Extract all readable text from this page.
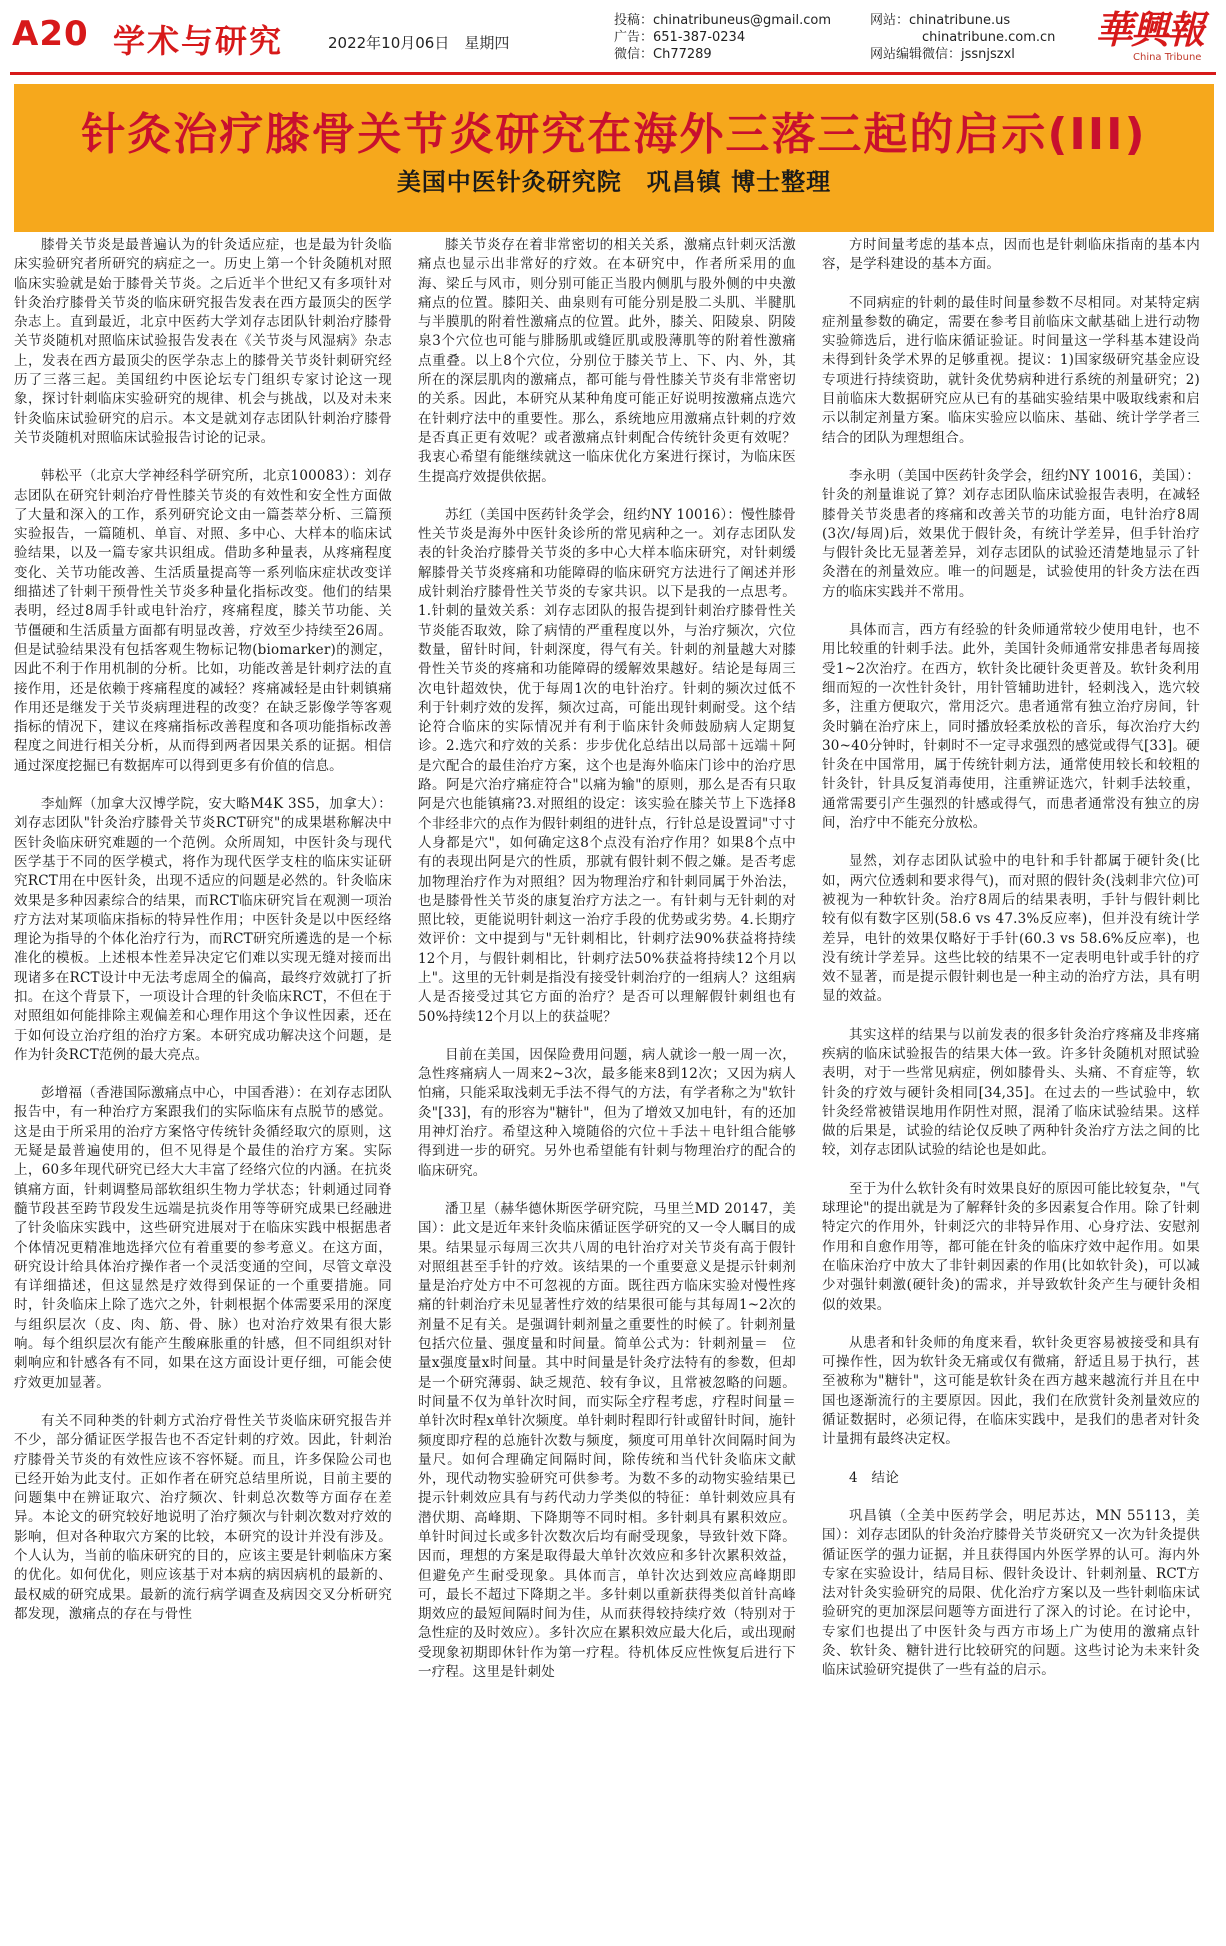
A20 学术与研究	2022年10月06日　星期四
投稿：chinatribuneus@gmail.com
广告：651-387-0234
微信：Ch77289
网站：chinatribune.us
chinatribune.com.cn
网站编辑微信：jssnjszxl
華興報
China Tribune
针灸治疗膝骨关节炎研究在海外三落三起的启示(III)
美国中医针灸研究院　巩昌镇 博士整理

膝骨关节炎是最普遍认为的针灸适应症，也是最为针灸临床实验研究者所研究的病症之一。历史上第一个针灸随机对照临床实验就是始于膝骨关节炎。之后近半个世纪又有多项针对针灸治疗膝骨关节炎的临床研究报告发表在西方最顶尖的医学杂志上。直到最近，北京中医药大学刘存志团队针刺治疗膝骨关节炎随机对照临床试验报告发表在《关节炎与风湿病》杂志上，发表在西方最顶尖的医学杂志上的膝骨关节炎针刺研究经历了三落三起。美国纽约中医论坛专门组织专家讨论这一现象，探讨针刺临床实验研究的规律、机会与挑战，以及对未来针灸临床试验研究的启示。本文是就刘存志团队针刺治疗膝骨关节炎随机对照临床试验报告讨论的记录。

韩松平（北京大学神经科学研究所，北京100083）：刘存志团队在研究针刺治疗骨性膝关节炎的有效性和安全性方面做了大量和深入的工作，系列研究论文由一篇荟萃分析、三篇预实验报告，一篇随机、单盲、对照、多中心、大样本的临床试验结果，以及一篇专家共识组成。借助多种量表，从疼痛程度变化、关节功能改善、生活质量提高等一系列临床症状改变详细描述了针刺干预骨性关节炎多种量化指标改变。他们的结果表明，经过8周手针或电针治疗，疼痛程度，膝关节功能、关节僵硬和生活质量方面都有明显改善，疗效至少持续至26周。但是试验结果没有包括客观生物标记物(biomarker)的测定，因此不利于作用机制的分析。比如，功能改善是针刺疗法的直接作用，还是依赖于疼痛程度的减轻？疼痛减轻是由针刺镇痛作用还是继发于关节炎病理进程的改变？在缺乏影像学等客观指标的情况下，建议在疼痛指标改善程度和各项功能指标改善程度之间进行相关分析，从而得到两者因果关系的证据。相信通过深度挖掘已有数据库可以得到更多有价值的信息。

李灿辉（加拿大汉博学院，安大略M4K 3S5，加拿大）：刘存志团队"针灸治疗膝骨关节炎RCT研究"的成果堪称解决中医针灸临床研究难题的一个范例。众所周知，中医针灸与现代医学基于不同的医学模式，将作为现代医学支柱的临床实证研究RCT用在中医针灸，出现不适应的问题是必然的。针灸临床效果是多种因素综合的结果，而RCT临床研究旨在观测一项治疗方法对某项临床指标的特异性作用；中医针灸是以中医经络理论为指导的个体化治疗行为，而RCT研究所遴选的是一个标准化的模板。上述根本性差异决定它们难以实现无缝对接而出现诸多在RCT设计中无法考虑周全的偏高，最终疗效就打了折扣。在这个背景下，一项设计合理的针灸临床RCT，不但在于对照组如何能排除主观偏差和心理作用这个争议性因素，还在于如何设立治疗组的治疗方案。本研究成功解决这个问题，是作为针灸RCT范例的最大亮点。

彭增福（香港国际激痛点中心，中国香港）：在刘存志团队报告中，有一种治疗方案跟我们的实际临床有点脱节的感觉。这是由于所采用的治疗方案恪守传统针灸循经取穴的原则，这无疑是最普遍使用的，但不见得是个最佳的治疗方案。实际上，60多年现代研究已经大大丰富了经络穴位的内涵。在抗炎镇痛方面，针刺调整局部软组织生物力学状态；针刺通过同脊髓节段甚至跨节段发生远端是抗炎作用等等研究成果已经融进了针灸临床实践中，这些研究进展对于在临床实践中根据患者个体情况更精准地选择穴位有着重要的参考意义。在这方面，研究设计给具体治疗操作者一个灵活变通的空间，尽管文章没有详细描述，但这显然是疗效得到保证的一个重要措施。同时，针灸临床上除了选穴之外，针刺根据个体需要采用的深度与组织层次（皮、肉、筋、骨、脉）也对治疗效果有很大影响。每个组织层次有能产生酸麻胀重的针感，但不同组织对针刺响应和针感各有不同，如果在这方面设计更仔细，可能会使疗效更加显著。

有关不同种类的针刺方式治疗骨性关节炎临床研究报告并不少，部分循证医学报告也不否定针刺的疗效。因此，针刺治疗膝骨关节炎的有效性应该不容怀疑。而且，许多保险公司也已经开始为此支付。正如作者在研究总结里所说，目前主要的问题集中在辨证取穴、治疗频次、针刺总次数等方面存在差异。本论文的研究较好地说明了治疗频次与针刺次数对疗效的影响，但对各种取穴方案的比较，本研究的设计并没有涉及。个人认为，当前的临床研究的目的，应该主要是针刺临床方案的优化。如何优化，则应该基于对本病的病因病机的最新的、最权威的研究成果。最新的流行病学调查及病因交叉分析研究都发现，激痛点的存在与骨性

膝关节炎存在着非常密切的相关关系，激痛点针刺灭活激痛点也显示出非常好的疗效。在本研究中，作者所采用的血海、梁丘与风市，则分别可能正当股内侧肌与股外侧的中央激痛点的位置。膝阳关、曲泉则有可能分别是股二头肌、半腱肌与半膜肌的附着性激痛点的位置。此外，膝关、阳陵泉、阴陵泉3个穴位也可能与腓肠肌或缝匠肌或股薄肌等的附着性激痛点重叠。以上8个穴位，分别位于膝关节上、下、内、外，其所在的深层肌肉的激痛点，都可能与骨性膝关节炎有非常密切的关系。因此，本研究从某种角度可能正好说明按激痛点选穴在针刺疗法中的重要性。那么，系统地应用激痛点针刺的疗效是否真正更有效呢？或者激痛点针刺配合传统针灸更有效呢？我衷心希望有能继续就这一临床优化方案进行探讨，为临床医生提高疗效提供依据。

苏红（美国中医药针灸学会，纽约NY 10016）：慢性膝骨性关节炎是海外中医针灸诊所的常见病种之一。刘存志团队发表的针灸治疗膝骨关节炎的多中心大样本临床研究，对针刺缓解膝骨关节炎疼痛和功能障碍的临床研究方法进行了阐述并形成针刺治疗膝骨性关节炎的专家共识。以下是我的一点思考。1.针刺的量效关系：刘存志团队的报告提到针刺治疗膝骨性关节炎能否取效，除了病情的严重程度以外，与治疗频次，穴位数量，留针时间，针刺深度，得气有关。针刺的剂量越大对膝骨性关节炎的疼痛和功能障碍的缓解效果越好。结论是每周三次电针超效快，优于每周1次的电针治疗。针刺的频次过低不利于针刺疗效的发挥，频次过高，可能出现针刺耐受。这个结论符合临床的实际情况并有利于临床针灸师鼓励病人定期复诊。2.选穴和疗效的关系：步步优化总结出以局部＋远端＋阿是穴配合的最佳治疗方案，这个也是海外临床门诊中的治疗思路。阿是穴治疗痛症符合"以痛为输"的原则，那么是否有只取阿是穴也能镇痛?3.对照组的设定：该实验在膝关节上下选择8个非经非穴的点作为假针刺组的进针点，行针总是设置词"寸寸人身都是穴"，如何确定这8个点没有治疗作用？如果8个点中有的表现出阿是穴的性质，那就有假针刺不假之嫌。是否考虑加物理治疗作为对照组？因为物理治疗和针刺同属于外治法，也是膝骨性关节炎的康复治疗方法之一。有针刺与无针刺的对照比较，更能说明针刺这一治疗手段的优势或劣势。4.长期疗效评价：文中提到与"无针刺相比，针刺疗法90%获益将持续12个月，与假针刺相比，针刺疗法50%获益将持续12个月以上"。这里的无针刺是指没有接受针刺治疗的一组病人？这组病人是否接受过其它方面的治疗？是否可以理解假针刺组也有50%持续12个月以上的获益呢？

目前在美国，因保险费用问题，病人就诊一般一周一次，急性疼痛病人一周来2~3次，最多能来8到12次；又因为病人怕痛，只能采取浅刺无手法不得气的方法，有学者称之为"软针灸"[33]，有的形容为"糖针"，但为了增效又加电针，有的还加用神灯治疗。希望这种入境随俗的穴位＋手法＋电针组合能够得到进一步的研究。另外也希望能有针刺与物理治疗的配合的临床研究。

潘卫星（赫华德休斯医学研究院，马里兰MD 20147，美国）：此文是近年来针灸临床循证医学研究的又一令人瞩目的成果。结果显示每周三次共八周的电针治疗对关节炎有高于假针对照组甚至手针的疗效。该结果的一个重要意义是提示针刺剂量是治疗处方中不可忽视的方面。既往西方临床实验对慢性疼痛的针刺治疗未见显著性疗效的结果很可能与其每周1~2次的剂量不足有关。是强调针刺剂量之重要性的时候了。针刺剂量包括穴位量、强度量和时间量。简单公式为：针刺剂量＝　位量x强度量x时间量。其中时间量是针灸疗法特有的参数，但却是一个研究薄弱、缺乏规范、较有争议，且常被忽略的问题。时间量不仅为单针次时间，而实际全疗程考虑，疗程时间量＝　单针次时程x单针次频度。单针刺时程即行针或留针时间，施针频度即疗程的总施针次数与频度，频度可用单针次间隔时间为量尺。如何合理确定间隔时间，除传统和当代针灸临床文献外，现代动物实验研究可供参考。为数不多的动物实验结果已提示针刺效应具有与药代动力学类似的特征：单针刺效应具有潜伏期、高峰期、下降期等不同时相。多针刺具有累积效应。单针时间过长或多针次数次后均有耐受现象，导致针效下降。因而，理想的方案是取得最大单针次效应和多针次累积效益，但避免产生耐受现象。具体而言，单针次达到效应高峰期即可，最长不超过下降期之半。多针刺以重新获得类似首针高峰期效应的最短间隔时间为佳，从而获得较持续疗效（特别对于急性症的及时效应）。多针次应在累积效应最大化后，或出现耐受现象初期即休针作为第一疗程。待机体反应性恢复后进行下一疗程。这里是针刺处

方时间量考虑的基本点，因而也是针刺临床指南的基本内容，是学科建设的基本方面。

不同病症的针刺的最佳时间量参数不尽相同。对某特定病症剂量参数的确定，需要在参考目前临床文献基础上进行动物实验筛选后，进行临床循证验证。时间量这一学科基本建设尚未得到针灸学术界的足够重视。提议：1)国家级研究基金应设专项进行持续资助，就针灸优势病种进行系统的剂量研究；2)目前临床大数据研究应从已有的基础实验结果中吸取线索和启示以制定剂量方案。临床实验应以临床、基础、统计学学者三结合的团队为理想组合。

李永明（美国中医药针灸学会，纽约NY 10016，美国）：针灸的剂量谁说了算？刘存志团队临床试验报告表明，在减轻膝骨关节炎患者的疼痛和改善关节的功能方面，电针治疗8周(3次/每周)后，效果优于假针灸，有统计学差异，但手针治疗与假针灸比无显著差异，刘存志团队的试验还清楚地显示了针灸潜在的剂量效应。唯一的问题是，试验使用的针灸方法在西方的临床实践并不常用。

具体而言，西方有经验的针灸师通常较少使用电针，也不用比较重的针刺手法。此外，美国针灸师通常安排患者每周接受1~2次治疗。在西方，软针灸比硬针灸更普及。软针灸利用细而短的一次性针灸针，用针管辅助进针，轻刺浅入，选穴较多，注重方便取穴，常用泛穴。患者通常有独立治疗房间，针灸时躺在治疗床上，同时播放轻柔放松的音乐，每次治疗大约30~40分钟时，针刺时不一定寻求强烈的感觉或得气[33]。硬针灸在中国常用，属于传统针刺方法，通常使用较长和较粗的针灸针，针具反复消毒使用，注重辨证选穴，针刺手法较重，通常需要引产生强烈的针感或得气，而患者通常没有独立的房间，治疗中不能充分放松。

显然，刘存志团队试验中的电针和手针都属于硬针灸(比如，两穴位透刺和要求得气)，而对照的假针灸(浅刺非穴位)可被视为一种软针灸。治疗8周后的结果表明，手针与假针刺比较有似有数字区别(58.6 vs 47.3%反应率)，但并没有统计学差异，电针的效果仅略好于手针(60.3 vs 58.6%反应率)，也没有统计学差异。这些比较的结果不一定表明电针或手针的疗效不显著，而是提示假针刺也是一种主动的治疗方法，具有明显的效益。

其实这样的结果与以前发表的很多针灸治疗疼痛及非疼痛疾病的临床试验报告的结果大体一致。许多针灸随机对照试验表明，对于一些常见病症，例如膝骨头、头痛、不育症等，软针灸的疗效与硬针灸相同[34,35]。在过去的一些试验中，软针灸经常被错误地用作阴性对照，混淆了临床试验结果。这样做的后果是，试验的结论仅反映了两种针灸治疗方法之间的比较，刘存志团队试验的结论也是如此。

至于为什么软针灸有时效果良好的原因可能比较复杂，"气球理论"的提出就是为了解释针灸的多因素复合作用。除了针刺特定穴的作用外，针刺泛穴的非特异作用、心身疗法、安慰剂作用和自愈作用等，都可能在针灸的临床疗效中起作用。如果在临床治疗中放大了非针刺因素的作用(比如软针灸)，可以减少对强针刺激(硬针灸)的需求，并导致软针灸产生与硬针灸相似的效果。

从患者和针灸师的角度来看，软针灸更容易被接受和具有可操作性，因为软针灸无痛或仅有微痛，舒适且易于执行，甚至被称为"糖针"，这可能是软针灸在西方越来越流行并且在中国也逐渐流行的主要原因。因此，我们在欣赏针灸剂量效应的循证数据时，必须记得，在临床实践中，是我们的患者对针灸计量拥有最终决定权。

4　结论

巩昌镇（全美中医药学会，明尼苏达，MN 55113，美国）：刘存志团队的针灸治疗膝骨关节炎研究又一次为针灸提供循证医学的强力证据，并且获得国内外医学界的认可。海内外专家在实验设计，结局目标、假针灸设计、针刺剂量、RCT方法对针灸实验研究的局限、优化治疗方案以及一些针刺临床试验研究的更加深层问题等方面进行了深入的讨论。在讨论中，专家们也提出了中医针灸与西方市场上广为使用的激痛点针灸、软针灸、糖针进行比较研究的问题。这些讨论为未来针灸临床试验研究提供了一些有益的启示。
